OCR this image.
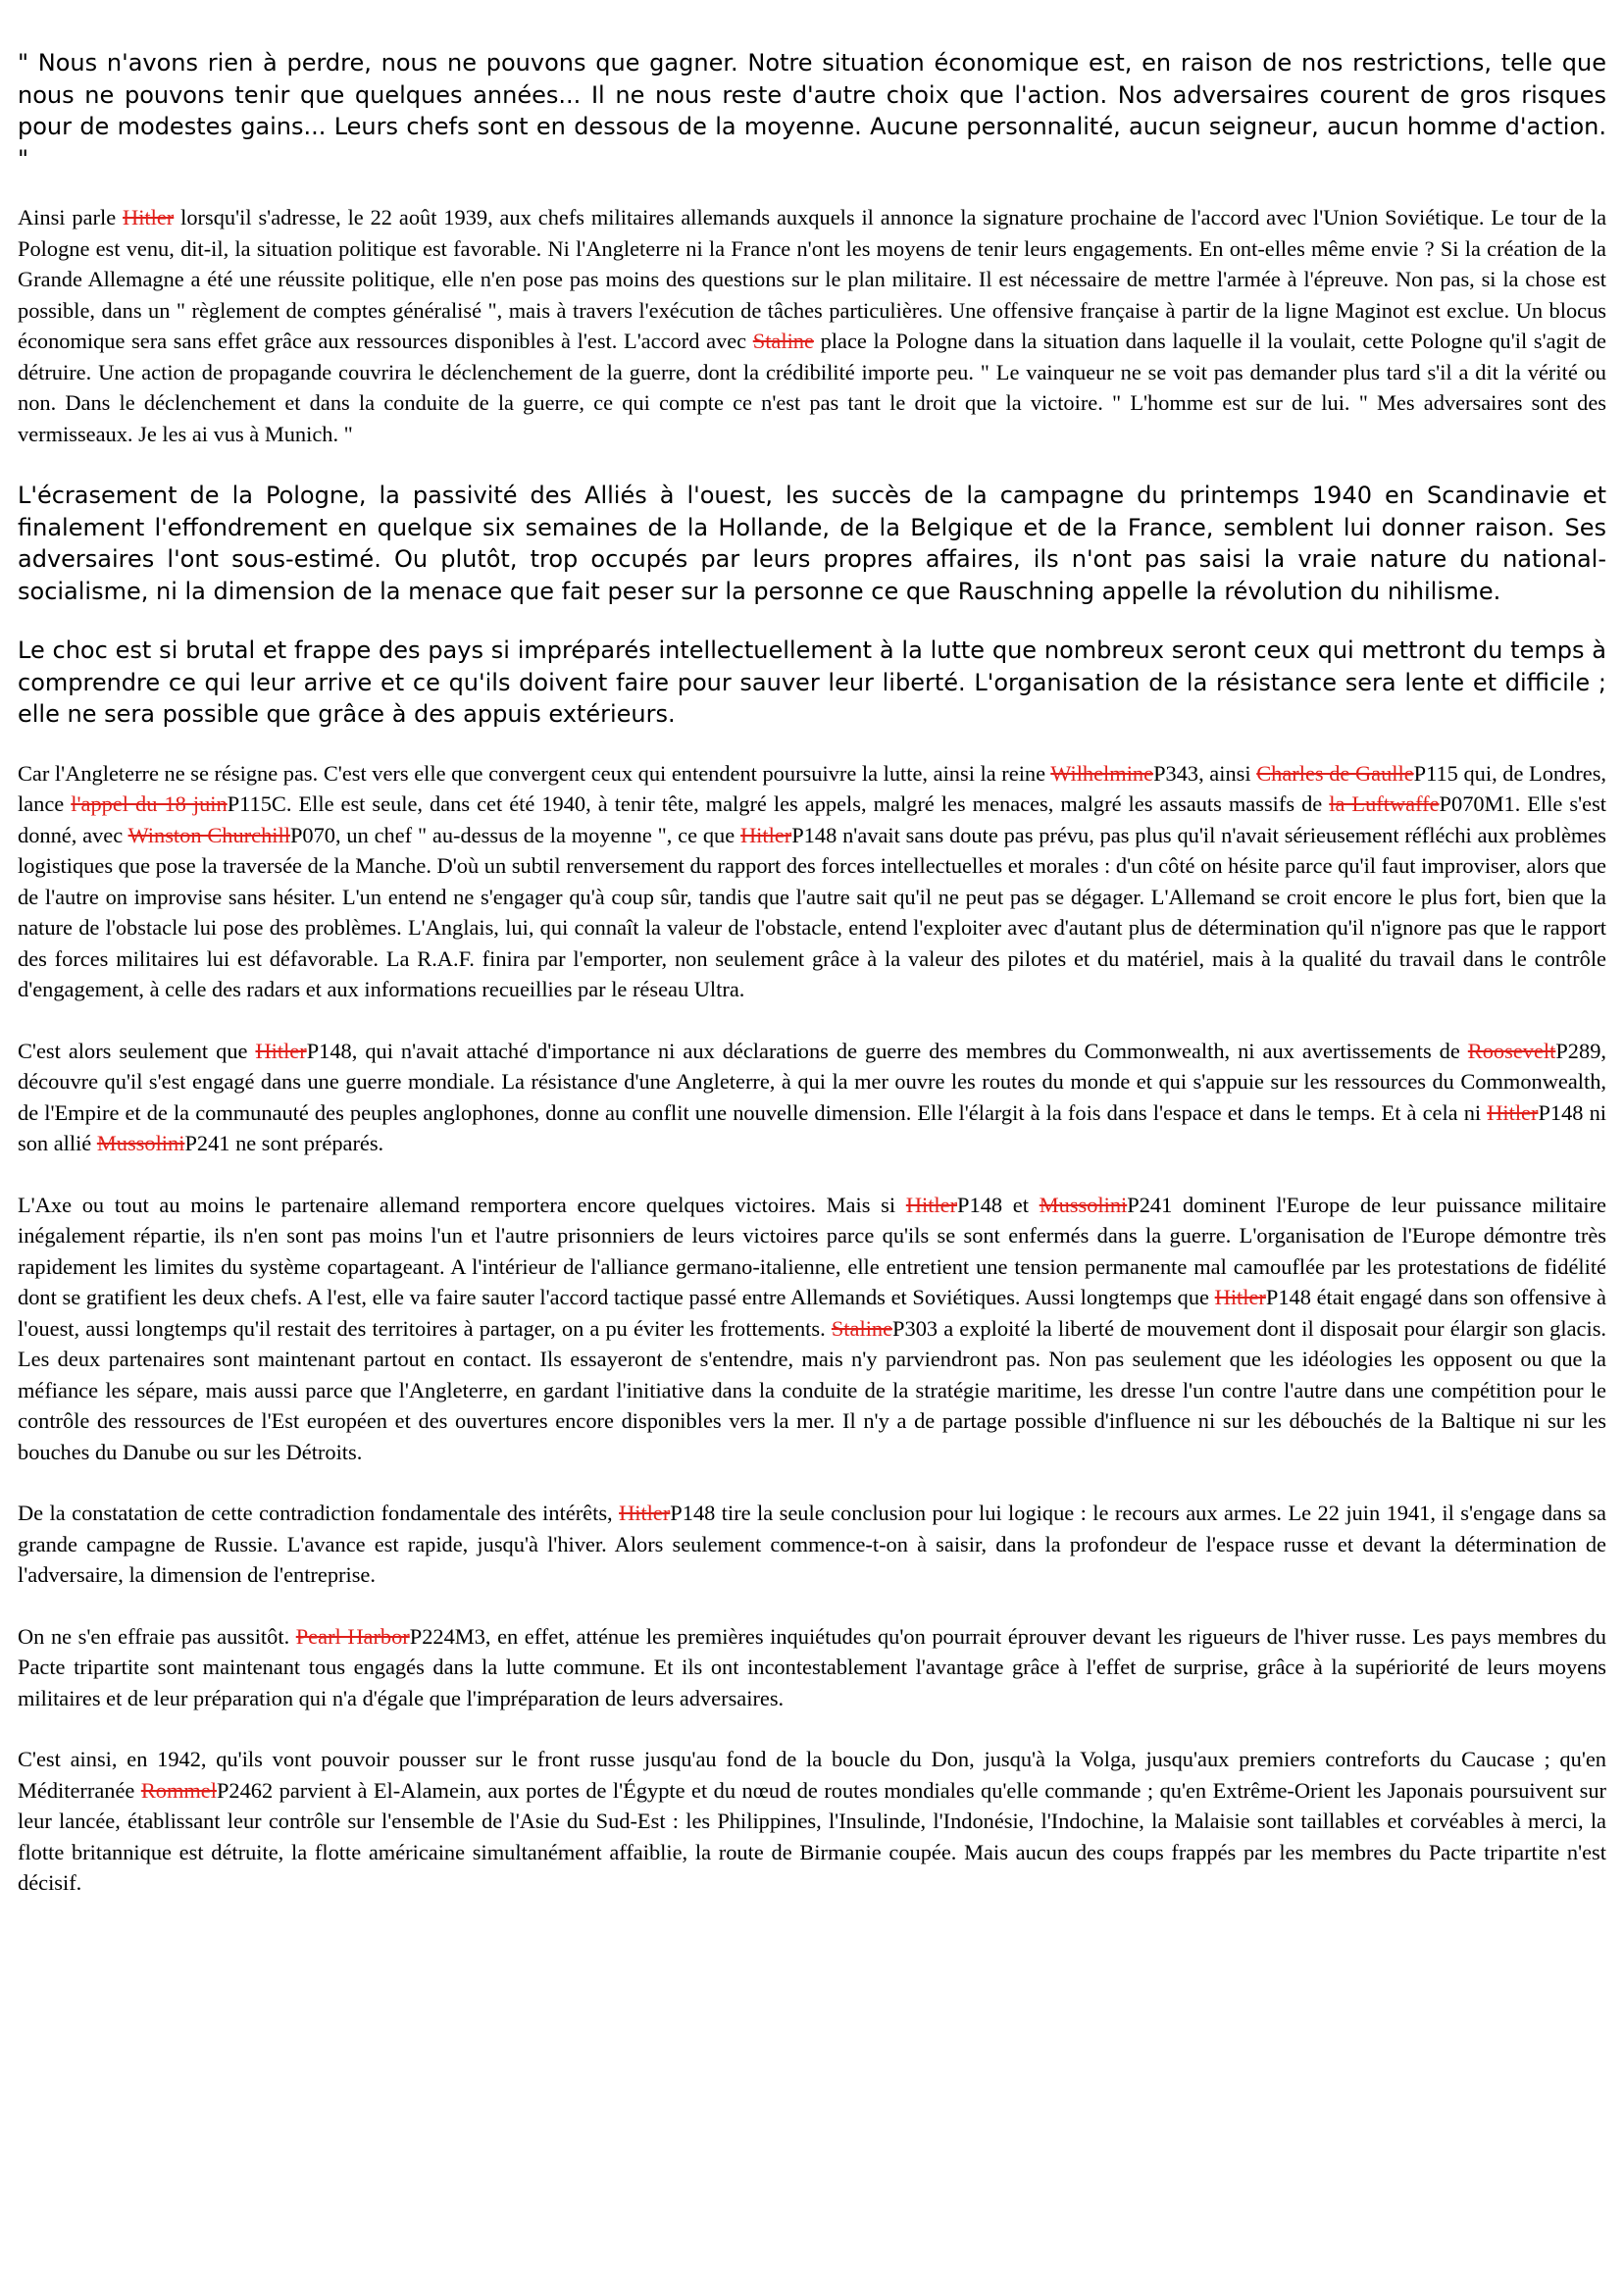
" Nous n'avons rien à perdre, nous ne pouvons que gagner. Notre situation économique est, en raison de nos restrictions, telle que nous ne pouvons tenir que quelques années... Il ne nous reste d'autre choix que l'action. Nos adversaires courent de gros risques pour de modestes gains... Leurs chefs sont en dessous de la moyenne. Aucune personnalité, aucun seigneur, aucun homme d'action. "

Ainsi parle Hitler lorsqu'il s'adresse, le 22 août 1939, aux chefs militaires allemands auxquels il annonce la signature prochaine de l'accord avec l'Union Soviétique. Le tour de la Pologne est venu, dit-il, la situation politique est favorable. Ni l'Angleterre ni la France n'ont les moyens de tenir leurs engagements. En ont-elles même envie ? Si la création de la Grande Allemagne a été une réussite politique, elle n'en pose pas moins des questions sur le plan militaire. Il est nécessaire de mettre l'armée à l'épreuve. Non pas, si la chose est possible, dans un " règlement de comptes généralisé ", mais à travers l'exécution de tâches particulières. Une offensive française à partir de la ligne Maginot est exclue. Un blocus économique sera sans effet grâce aux ressources disponibles à l'est. L'accord avec Staline place la Pologne dans la situation dans laquelle il la voulait, cette Pologne qu'il s'agit de détruire. Une action de propagande couvrira le déclenchement de la guerre, dont la crédibilité importe peu. " Le vainqueur ne se voit pas demander plus tard s'il a dit la vérité ou non. Dans le déclenchement et dans la conduite de la guerre, ce qui compte ce n'est pas tant le droit que la victoire. " L'homme est sur de lui. " Mes adversaires sont des vermisseaux. Je les ai vus à Munich. "

L'écrasement de la Pologne, la passivité des Alliés à l'ouest, les succès de la campagne du printemps 1940 en Scandinavie et finalement l'effondrement en quelque six semaines de la Hollande, de la Belgique et de la France, semblent lui donner raison. Ses adversaires l'ont sous-estimé. Ou plutôt, trop occupés par leurs propres affaires, ils n'ont pas saisi la vraie nature du national-socialisme, ni la dimension de la menace que fait peser sur la personne ce que Rauschning appelle la révolution du nihilisme.

Le choc est si brutal et frappe des pays si impréparés intellectuellement à la lutte que nombreux seront ceux qui mettront du temps à comprendre ce qui leur arrive et ce qu'ils doivent faire pour sauver leur liberté. L'organisation de la résistance sera lente et difficile ; elle ne sera possible que grâce à des appuis extérieurs.

Car l'Angleterre ne se résigne pas. C'est vers elle que convergent ceux qui entendent poursuivre la lutte, ainsi la reine WilhelmineP343, ainsi Charles de GaulleP115 qui, de Londres, lance l'appel du 18 juinP115C. Elle est seule, dans cet été 1940, à tenir tête, malgré les appels, malgré les menaces, malgré les assauts massifs de la LuftwaffeP070M1. Elle s'est donné, avec Winston ChurchillP070, un chef " au-dessus de la moyenne ", ce que HitlerP148 n'avait sans doute pas prévu, pas plus qu'il n'avait sérieusement réfléchi aux problèmes logistiques que pose la traversée de la Manche. D'où un subtil renversement du rapport des forces intellectuelles et morales : d'un côté on hésite parce qu'il faut improviser, alors que de l'autre on improvise sans hésiter. L'un entend ne s'engager qu'à coup sûr, tandis que l'autre sait qu'il ne peut pas se dégager. L'Allemand se croit encore le plus fort, bien que la nature de l'obstacle lui pose des problèmes. L'Anglais, lui, qui connaît la valeur de l'obstacle, entend l'exploiter avec d'autant plus de détermination qu'il n'ignore pas que le rapport des forces militaires lui est défavorable. La R.A.F. finira par l'emporter, non seulement grâce à la valeur des pilotes et du matériel, mais à la qualité du travail dans le contrôle d'engagement, à celle des radars et aux informations recueillies par le réseau Ultra.

C'est alors seulement que HitlerP148, qui n'avait attaché d'importance ni aux déclarations de guerre des membres du Commonwealth, ni aux avertissements de RooseveltP289, découvre qu'il s'est engagé dans une guerre mondiale. La résistance d'une Angleterre, à qui la mer ouvre les routes du monde et qui s'appuie sur les ressources du Commonwealth, de l'Empire et de la communauté des peuples anglophones, donne au conflit une nouvelle dimension. Elle l'élargit à la fois dans l'espace et dans le temps. Et à cela ni HitlerP148 ni son allié MussoliniP241 ne sont préparés.

L'Axe ou tout au moins le partenaire allemand remportera encore quelques victoires. Mais si HitlerP148 et MussoliniP241 dominent l'Europe de leur puissance militaire inégalement répartie, ils n'en sont pas moins l'un et l'autre prisonniers de leurs victoires parce qu'ils se sont enfermés dans la guerre. L'organisation de l'Europe démontre très rapidement les limites du système copartageant. A l'intérieur de l'alliance germano-italienne, elle entretient une tension permanente mal camouflée par les protestations de fidélité dont se gratifient les deux chefs. A l'est, elle va faire sauter l'accord tactique passé entre Allemands et Soviétiques. Aussi longtemps que HitlerP148 était engagé dans son offensive à l'ouest, aussi longtemps qu'il restait des territoires à partager, on a pu éviter les frottements. StalineP303 a exploité la liberté de mouvement dont il disposait pour élargir son glacis. Les deux partenaires sont maintenant partout en contact. Ils essayeront de s'entendre, mais n'y parviendront pas. Non pas seulement que les idéologies les opposent ou que la méfiance les sépare, mais aussi parce que l'Angleterre, en gardant l'initiative dans la conduite de la stratégie maritime, les dresse l'un contre l'autre dans une compétition pour le contrôle des ressources de l'Est européen et des ouvertures encore disponibles vers la mer. Il n'y a de partage possible d'influence ni sur les débouchés de la Baltique ni sur les bouches du Danube ou sur les Détroits.

De la constatation de cette contradiction fondamentale des intérêts, HitlerP148 tire la seule conclusion pour lui logique : le recours aux armes. Le 22 juin 1941, il s'engage dans sa grande campagne de Russie. L'avance est rapide, jusqu'à l'hiver. Alors seulement commence-t-on à saisir, dans la profondeur de l'espace russe et devant la détermination de l'adversaire, la dimension de l'entreprise.

On ne s'en effraie pas aussitôt. Pearl HarborP224M3, en effet, atténue les premières inquiétudes qu'on pourrait éprouver devant les rigueurs de l'hiver russe. Les pays membres du Pacte tripartite sont maintenant tous engagés dans la lutte commune. Et ils ont incontestablement l'avantage grâce à l'effet de surprise, grâce à la supériorité de leurs moyens militaires et de leur préparation qui n'a d'égale que l'impréparation de leurs adversaires.

C'est ainsi, en 1942, qu'ils vont pouvoir pousser sur le front russe jusqu'au fond de la boucle du Don, jusqu'à la Volga, jusqu'aux premiers contreforts du Caucase ; qu'en Méditerranée RommelP2462 parvient à El-Alamein, aux portes de l'Égypte et du nœud de routes mondiales qu'elle commande ; qu'en Extrême-Orient les Japonais poursuivent sur leur lancée, établissant leur contrôle sur l'ensemble de l'Asie du Sud-Est : les Philippines, l'Insulinde, l'Indonésie, l'Indochine, la Malaisie sont taillables et corvéables à merci, la flotte britannique est détruite, la flotte américaine simultanément affaiblie, la route de Birmanie coupée. Mais aucun des coups frappés par les membres du Pacte tripartite n'est décisif.
